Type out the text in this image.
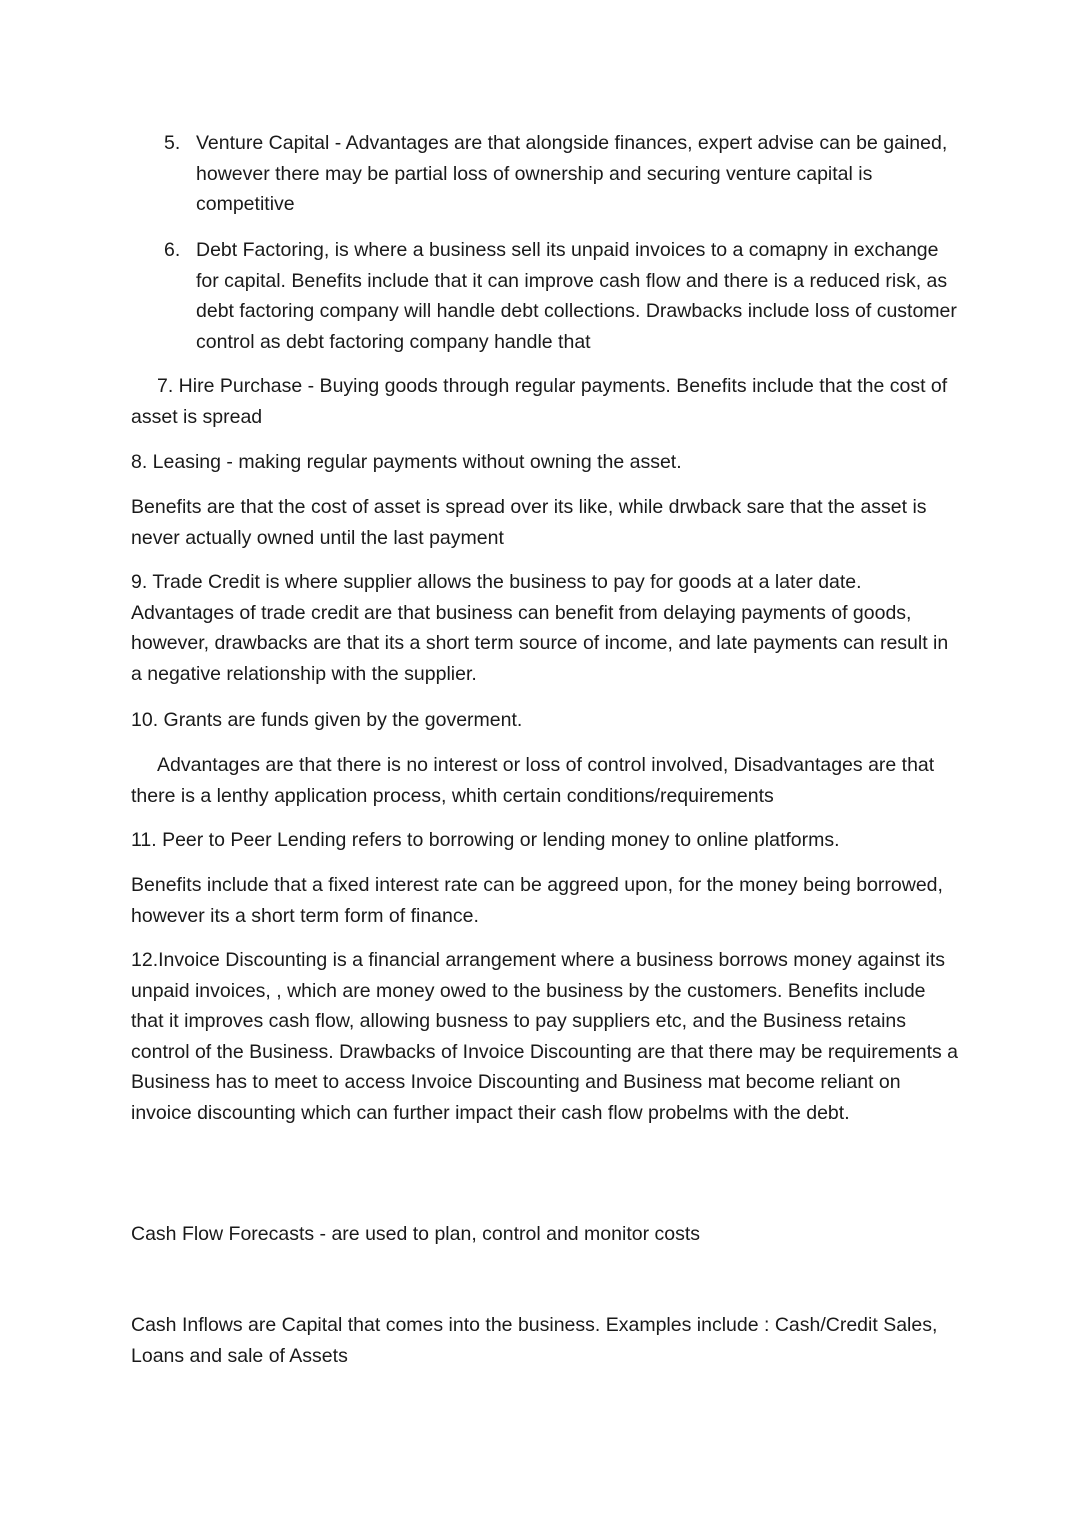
5. Venture Capital - Advantages are that alongside finances, expert advise can be gained, however there may be partial loss of ownership and securing venture capital is competitive
6. Debt Factoring, is where a business sell its unpaid invoices to a comapny in exchange for capital. Benefits include that it can improve cash flow and there is a reduced risk, as debt factoring company will handle debt collections. Drawbacks include loss of customer control as debt factoring company handle that

7. Hire Purchase - Buying goods through regular payments. Benefits include that the cost of asset is spread

8. Leasing - making regular payments without owning the asset.

Benefits are that the cost of asset is spread over its like, while drwback sare that the asset is never actually owned until the last payment

9. Trade Credit is where supplier allows the business to pay for goods at a later date. Advantages of trade credit are that business can benefit from delaying payments of goods, however, drawbacks are that its a short term source of income, and late payments can result in a negative relationship with the supplier.

10. Grants are funds given by the goverment.

Advantages are that there is no interest or loss of control involved, Disadvantages are that there is a lenthy application process, whith certain conditions/requirements

11. Peer to Peer Lending refers to borrowing or lending money to online platforms.

Benefits include that a fixed interest rate can be aggreed upon, for the money being borrowed, however its a short term form of finance.

12.Invoice Discounting is a financial arrangement where a business borrows money against its unpaid invoices, , which are money owed to the business by the customers. Benefits include that it improves cash flow, allowing busness to pay suppliers etc, and the Business retains control of the Business. Drawbacks of Invoice Discounting are that there may be requirements a Business has to meet to access Invoice Discounting and Business mat become reliant on invoice discounting which can further impact their cash flow probelms with the debt.

Cash Flow Forecasts - are used to plan, control and monitor costs

Cash Inflows are Capital that comes into the business. Examples include : Cash/Credit Sales, Loans and sale of Assets
